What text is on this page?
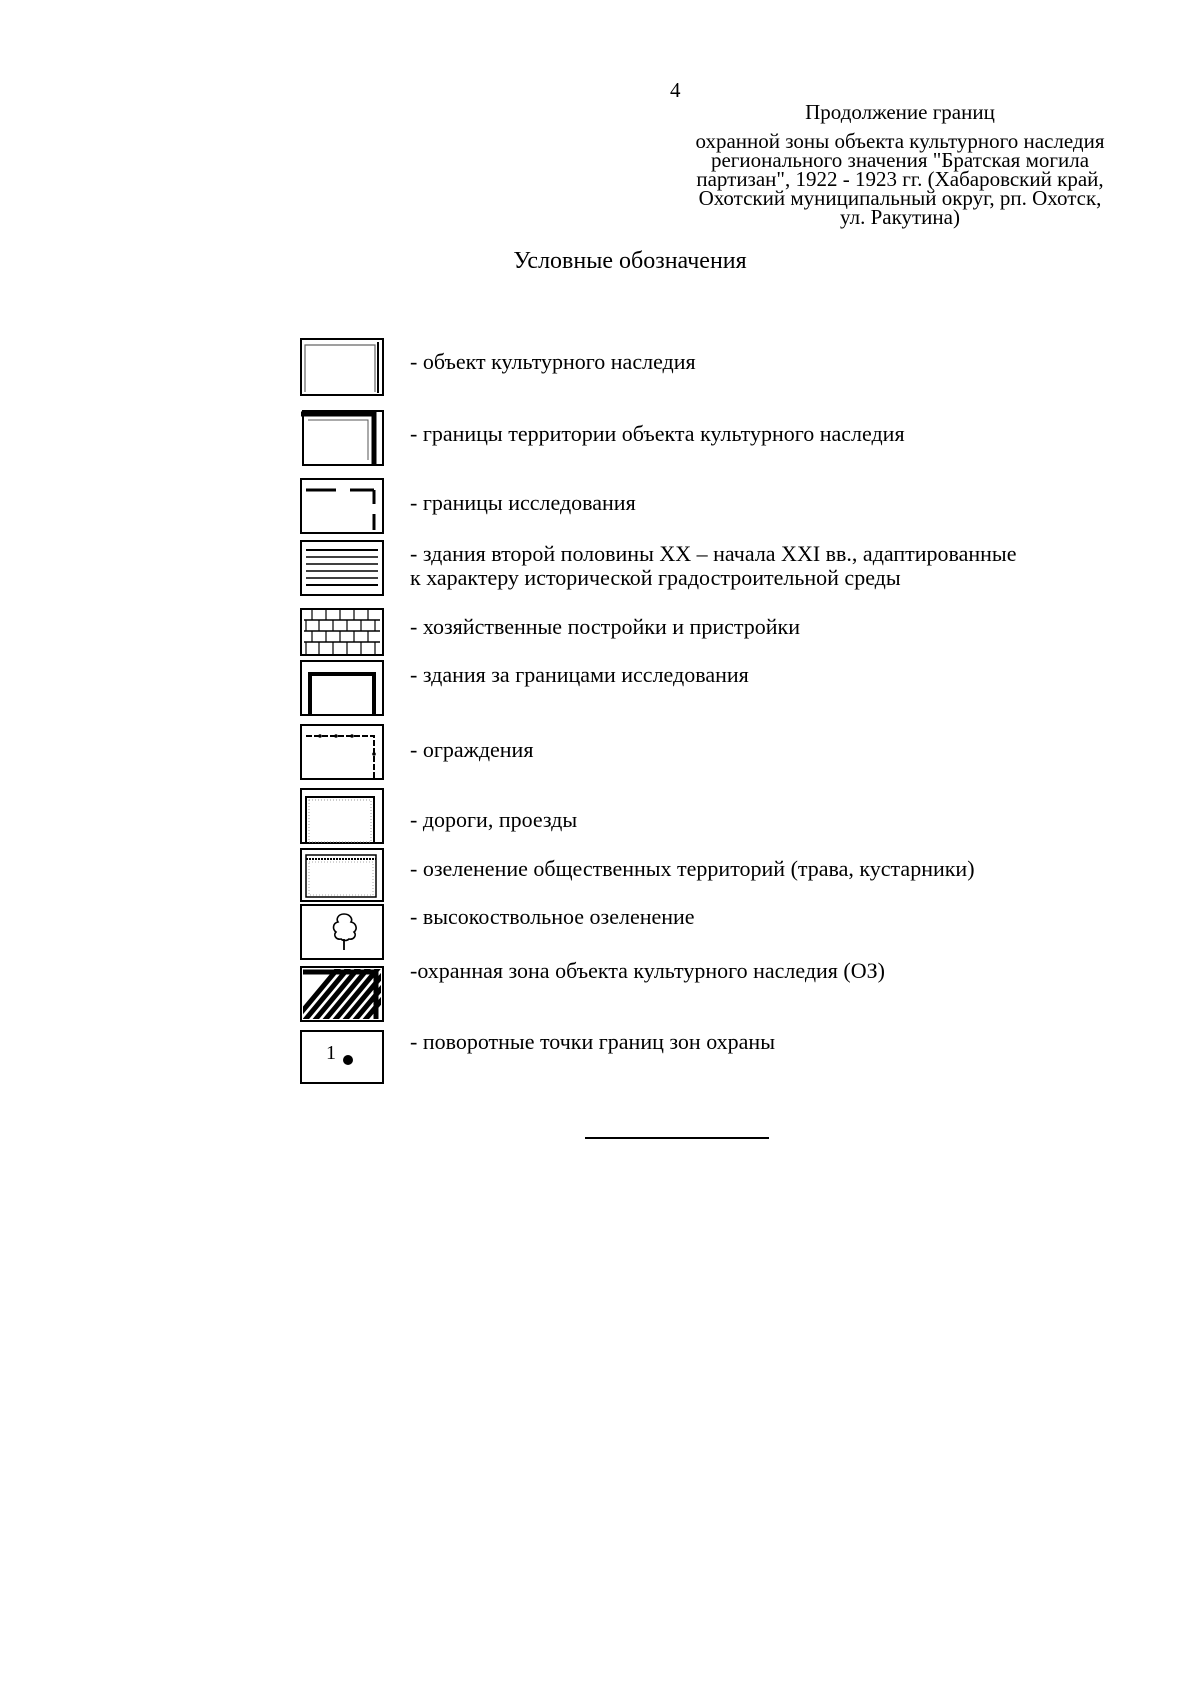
4
Продолжение границ
охранной зоны объекта культурного наследия
регионального значения "Братская могила
партизан", 1922 - 1923 гг. (Хабаровский край,
Охотский муниципальный округ, рп. Охотск,
ул. Ракутина)
Условные обозначения
- объект культурного наследия
- границы территории объекта культурного наследия
- границы исследования
- здания второй половины XX – начала XXI вв., адаптированные
к характеру исторической градостроительной среды
- хозяйственные постройки и пристройки
- здания за границами исследования
- ограждения
- дороги, проезды
- озеленение общественных территорий (трава, кустарники)
- высокоствольное озеленение
-охранная зона объекта культурного наследия (ОЗ)
1	- поворотные точки границ зон охраны
